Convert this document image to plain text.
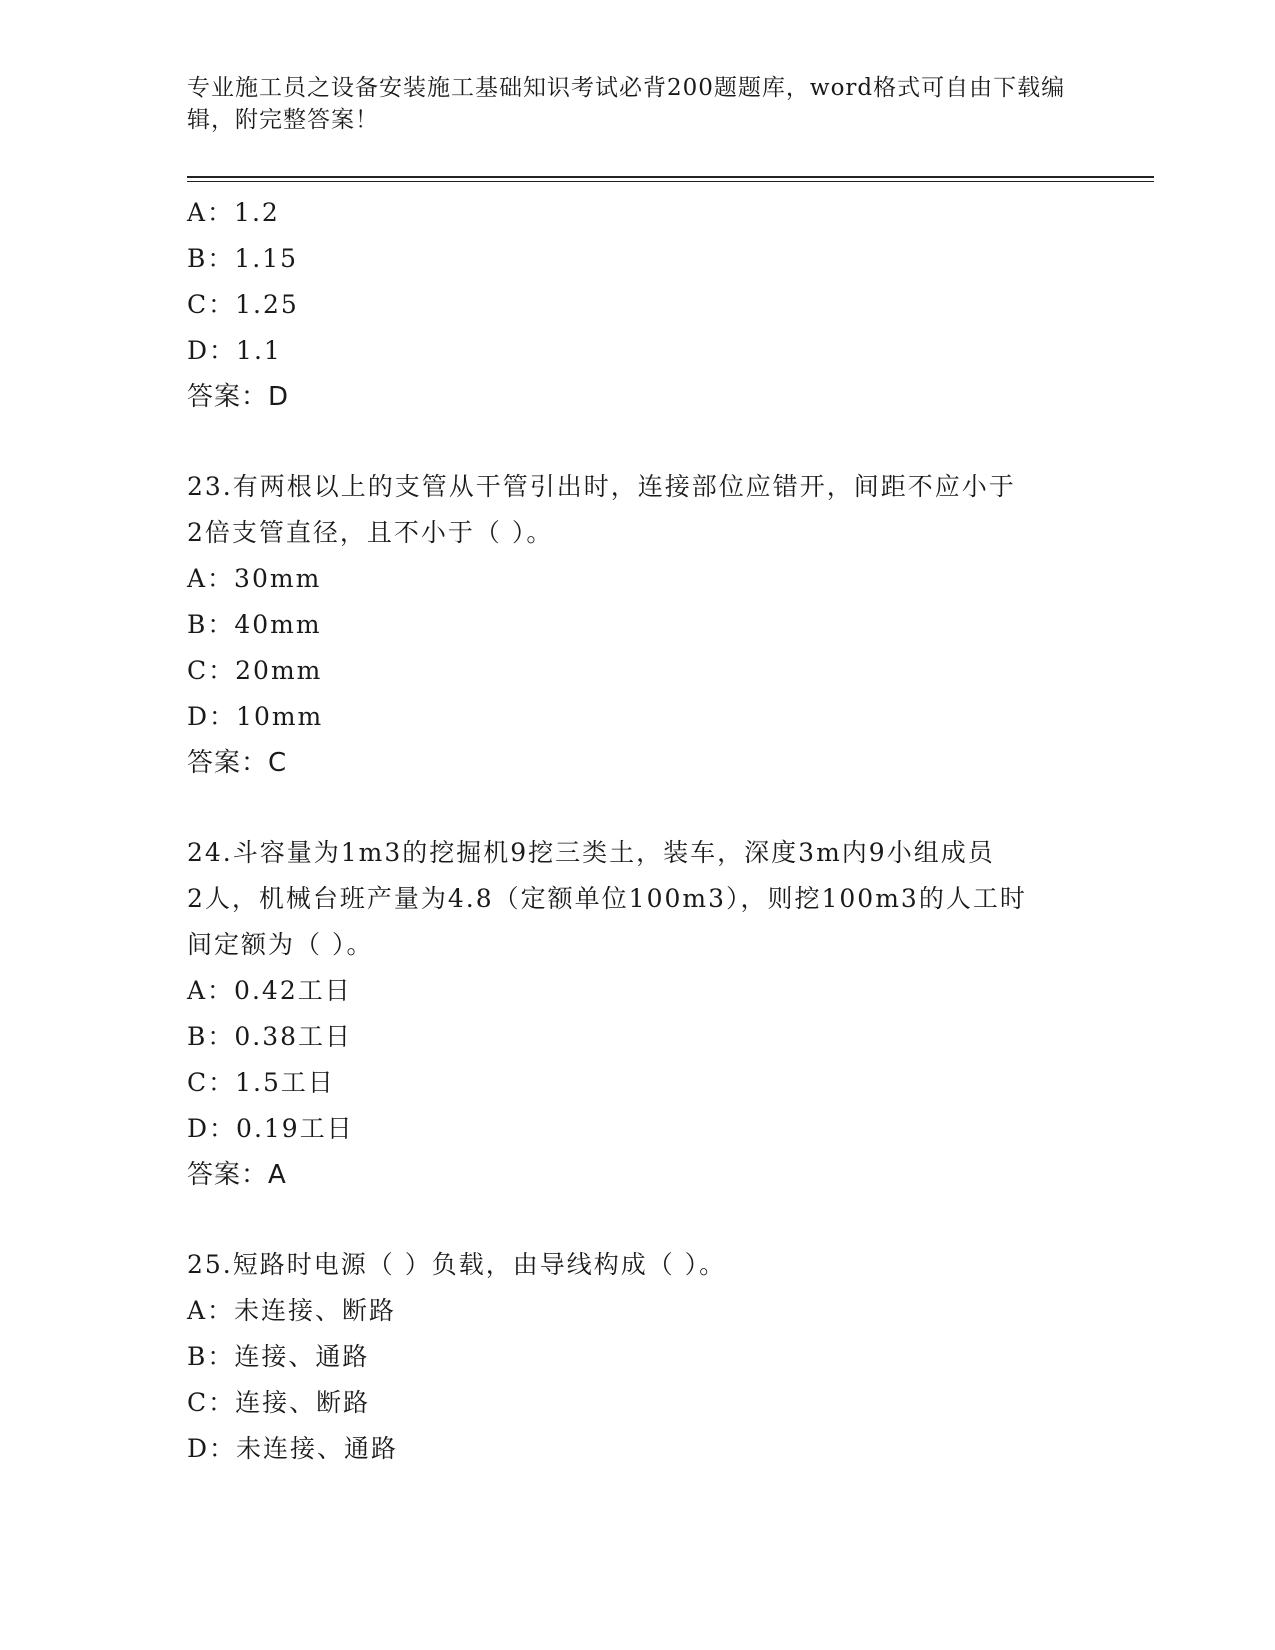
专业施工员之设备安装施工基础知识考试必背200题题库，word格式可自由下载编辑，附完整答案！
A：1.2
B：1.15
C：1.25
D：1.1
答案：D
23.有两根以上的支管从干管引出时，连接部位应错开，间距不应小于
2倍支管直径，且不小于（ ）。
A：30mm
B：40mm
C：20mm
D：10mm
答案：C
24.斗容量为1m3的挖掘机9挖三类土，装车，深度3m内9小组成员
2人，机械台班产量为4.8（定额单位100m3），则挖100m3的人工时
间定额为（ ）。
A：0.42工日
B：0.38工日
C：1.5工日
D：0.19工日
答案：A
25.短路时电源（ ）负载，由导线构成（ ）。
A：未连接、断路
B：连接、通路
C：连接、断路
D：未连接、通路
